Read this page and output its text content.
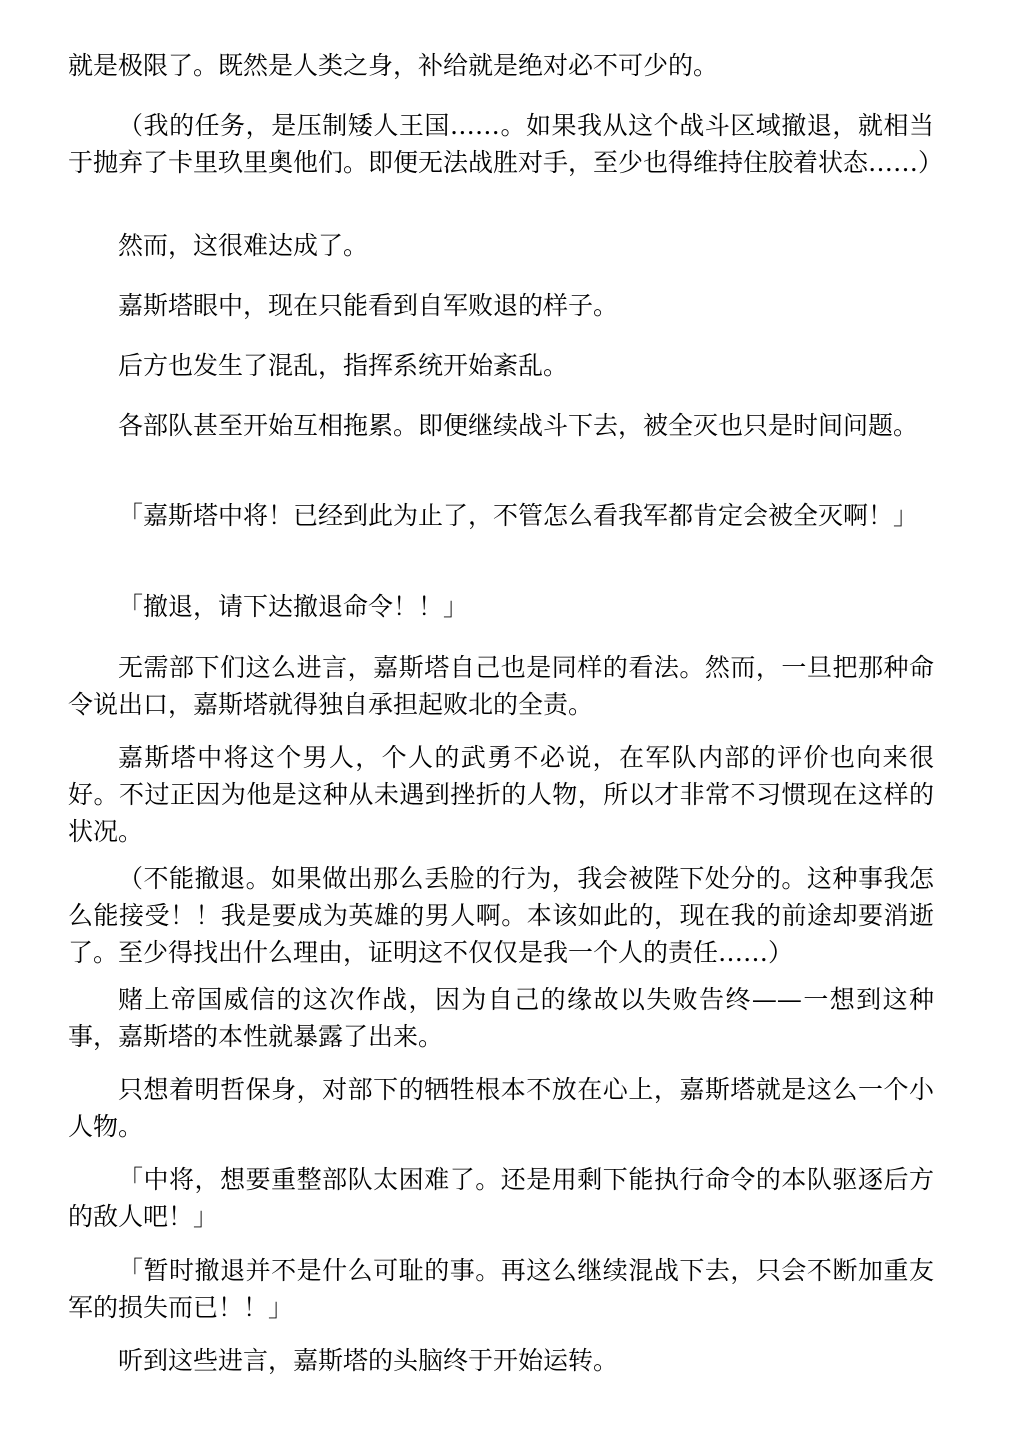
就是极限了。既然是人类之身，补给就是绝对必不可少的。

（我的任务，是压制矮人王国……。如果我从这个战斗区域撤退，就相当于抛弃了卡里玖里奥他们。即便无法战胜对手，至少也得维持住胶着状态……）

然而，这很难达成了。

嘉斯塔眼中，现在只能看到自军败退的样子。

后方也发生了混乱，指挥系统开始紊乱。

各部队甚至开始互相拖累。即便继续战斗下去，被全灭也只是时间问题。

「嘉斯塔中将！已经到此为止了，不管怎么看我军都肯定会被全灭啊！」

「撤退，请下达撤退命令！！」

无需部下们这么进言，嘉斯塔自己也是同样的看法。然而，一旦把那种命令说出口，嘉斯塔就得独自承担起败北的全责。

嘉斯塔中将这个男人，个人的武勇不必说，在军队内部的评价也向来很好。不过正因为他是这种从未遇到挫折的人物，所以才非常不习惯现在这样的状况。

（不能撤退。如果做出那么丢脸的行为，我会被陛下处分的。这种事我怎么能接受！！我是要成为英雄的男人啊。本该如此的，现在我的前途却要消逝了。至少得找出什么理由，证明这不仅仅是我一个人的责任……）

赌上帝国威信的这次作战，因为自己的缘故以失败告终——一想到这种事，嘉斯塔的本性就暴露了出来。

只想着明哲保身，对部下的牺牲根本不放在心上，嘉斯塔就是这么一个小人物。

「中将，想要重整部队太困难了。还是用剩下能执行命令的本队驱逐后方的敌人吧！」

「暂时撤退并不是什么可耻的事。再这么继续混战下去，只会不断加重友军的损失而已！！」

听到这些进言，嘉斯塔的头脑终于开始运转。
